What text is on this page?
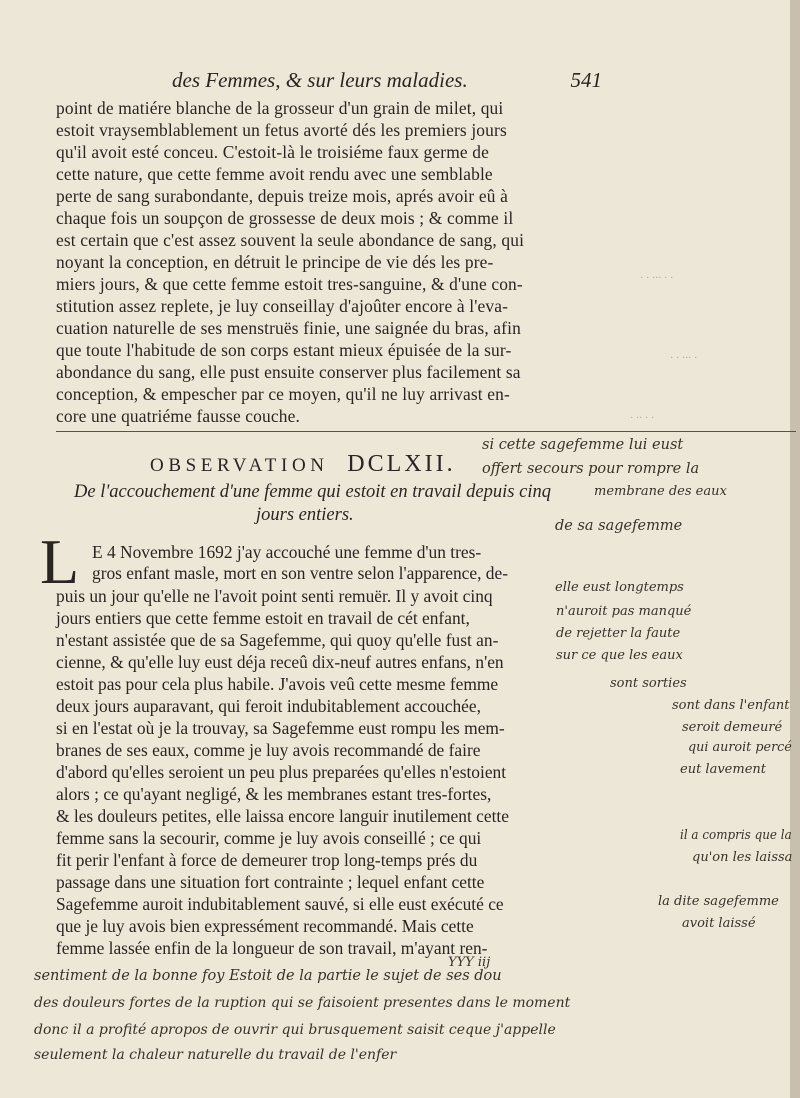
des Femmes, & sur leurs maladies.	541
point de matiére blanche de la grosseur d'un grain de milet, qui
estoit vraysemblablement un fetus avorté dés les premiers jours
qu'il avoit esté conceu. C'estoit-là le troisiéme faux germe de
cette nature, que cette femme avoit rendu avec une semblable
perte de sang surabondante, depuis treize mois, aprés avoir eû à
chaque fois un soupçon de grossesse de deux mois ; & comme il
est certain que c'est assez souvent la seule abondance de sang, qui
noyant la conception, en détruit le principe de vie dés les pre-
miers jours, & que cette femme estoit tres-sanguine, & d'une con-
stitution assez replete, je luy conseillay d'ajoûter encore à l'eva-
cuation naturelle de ses menstruës finie, une saignée du bras, afin
que toute l'habitude de son corps estant mieux épuisée de la sur-
abondance du sang, elle pust ensuite conserver plus facilement sa
conception, & empescher par ce moyen, qu'il ne luy arrivast en-
core une quatriéme fausse couche.
· · ··· · ·
· · ··· ·
· ·· · ·
OBSERVATION DCLXII.
De l'accouchement d'une femme qui estoit en travail depuis cinq
jours entiers.
L E 4 Novembre 1692 j'ay accouché une femme d'un tres-
gros enfant masle, mort en son ventre selon l'apparence, de-
puis un jour qu'elle ne l'avoit point senti remuër. Il y avoit cinq
jours entiers que cette femme estoit en travail de cét enfant,
n'estant assistée que de sa Sagefemme, qui quoy qu'elle fust an-
cienne, & qu'elle luy eust déja receû dix-neuf autres enfans, n'en
estoit pas pour cela plus habile. J'avois veû cette mesme femme
deux jours auparavant, qui feroit indubitablement accouchée,
si en l'estat où je la trouvay, sa Sagefemme eust rompu les mem-
branes de ses eaux, comme je luy avois recommandé de faire
d'abord qu'elles seroient un peu plus preparées qu'elles n'estoient
alors ; ce qu'ayant negligé, & les membranes estant tres-fortes,
& les douleurs petites, elle laissa encore languir inutilement cette
femme sans la secourir, comme je luy avois conseillé ; ce qui
fit perir l'enfant à force de demeurer trop long-temps prés du
passage dans une situation fort contrainte ; lequel enfant cette
Sagefemme auroit indubitablement sauvé, si elle eust exécuté ce
que je luy avois bien expressément recommandé. Mais cette
femme lassée enfin de la longueur de son travail, m'ayant ren-
si cette sagefemme lui eust
offert secours pour rompre la
membrane des eaux
de sa sagefemme
elle eust longtemps
n'auroit pas manqué
de rejetter la faute
sur ce que les eaux
sont sorties
sont dans l'enfant
seroit demeuré
qui auroit percé
eut lavement
il a compris que la
qu'on les laissa
la dite sagefemme
avoit laissé
YYY iij
sentiment de la bonne foy Estoit de la partie le sujet de ses dou
des douleurs fortes de la ruption qui se faisoient presentes dans le moment
donc il a profité apropos de ouvrir qui brusquement saisit ceque j'appelle
seulement la chaleur naturelle du travail de l'enfer
